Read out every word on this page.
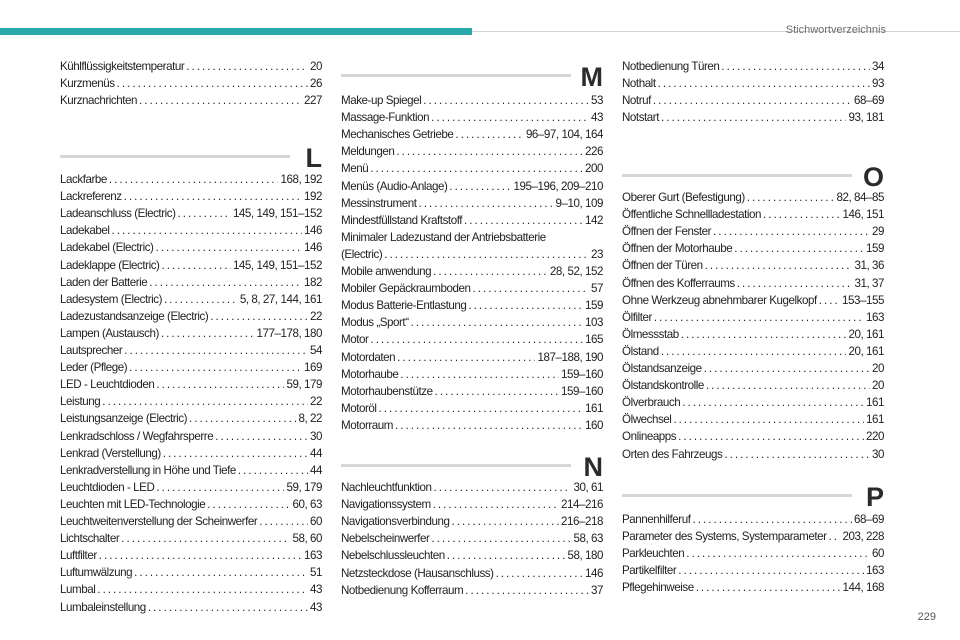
Stichwortverzeichnis
Kühlflüssigkeitstemperatur . . .	20
Kurzmenüs . . .	26
Kurznachrichten . . .	227
L
Lackfarbe . . .	168, 192
Lackreferenz . . .	192
Ladeanschluss (Electric) . . .	145, 149, 151–152
Ladekabel . . .	146
Ladekabel (Electric) . . .	146
Ladeklappe (Electric) . . .	145, 149, 151–152
Laden der Batterie . . .	182
Ladesystem (Electric) . . .	5, 8, 27, 144, 161
Ladezustandsanzeige (Electric) . . .	22
Lampen (Austausch) . . .	177–178, 180
Lautsprecher . . .	54
Leder (Pflege) . . .	169
LED - Leuchtdioden . . .	59, 179
Leistung . . .	22
Leistungsanzeige (Electric) . . .	8, 22
Lenkradschloss / Wegfahrsperre . . .	30
Lenkrad (Verstellung) . . .	44
Lenkradverstellung in Höhe und Tiefe . . .	44
Leuchtdioden - LED . . .	59, 179
Leuchten mit LED-Technologie . . .	60, 63
Leuchtweitenverstellung der Scheinwerfer . . .	60
Lichtschalter . . .	58, 60
Luftfilter . . .	163
Luftumwälzung . . .	51
Lumbal . . .	43
Lumbaleinstellung . . .	43
M
Make-up Spiegel . . .	53
Massage-Funktion . . .	43
Mechanisches Getriebe . . .	96–97, 104, 164
Meldungen . . .	226
Menü . . .	200
Menüs (Audio-Anlage) . . .	195–196, 209–210
Messinstrument . . .	9–10, 109
Mindestfüllstand Kraftstoff . . .	142
Minimaler Ladezustand der Antriebsbatterie
(Electric) . . .	23
Mobile anwendung . . .	28, 52, 152
Mobiler Gepäckraumboden . . .	57
Modus Batterie-Entlastung . . .	159
Modus „Sport“ . . .	103
Motor . . .	165
Motordaten . . .	187–188, 190
Motorhaube . . .	159–160
Motorhaubenstütze . . .	159–160
Motoröl . . .	161
Motorraum . . .	160
N
Nachleuchtfunktion . . .	30, 61
Navigationssystem . . .	214–216
Navigationsverbindung . . .	216–218
Nebelscheinwerfer . . .	58, 63
Nebelschlussleuchten . . .	58, 180
Netzsteckdose (Hausanschluss) . . .	146
Notbedienung Kofferraum . . .	37
Notbedienung Türen . . .	34
Nothalt . . .	93
Notruf . . .	68–69
Notstart . . .	93, 181
O
Oberer Gurt (Befestigung) . . .	82, 84–85
Öffentliche Schnellladestation . . .	146, 151
Öffnen der Fenster . . .	29
Öffnen der Motorhaube . . .	159
Öffnen der Türen . . .	31, 36
Öffnen des Kofferraums . . .	31, 37
Ohne Werkzeug abnehmbarer Kugelkopf . . . 153–155
Ölfilter . . .	163
Ölmessstab . . .	20, 161
Ölstand . . .	20, 161
Ölstandsanzeige . . .	20
Ölstandskontrolle . . .	20
Ölverbrauch . . .	161
Ölwechsel . . .	161
Onlineapps . . .	220
Orten des Fahrzeugs . . .	30
P
Pannenhilferuf . . .	68–69
Parameter des Systems, Systemparameter . . . 203, 228
Parkleuchten . . .	60
Partikelfilter . . .	163
Pflegehinweise . . .	144, 168
229
